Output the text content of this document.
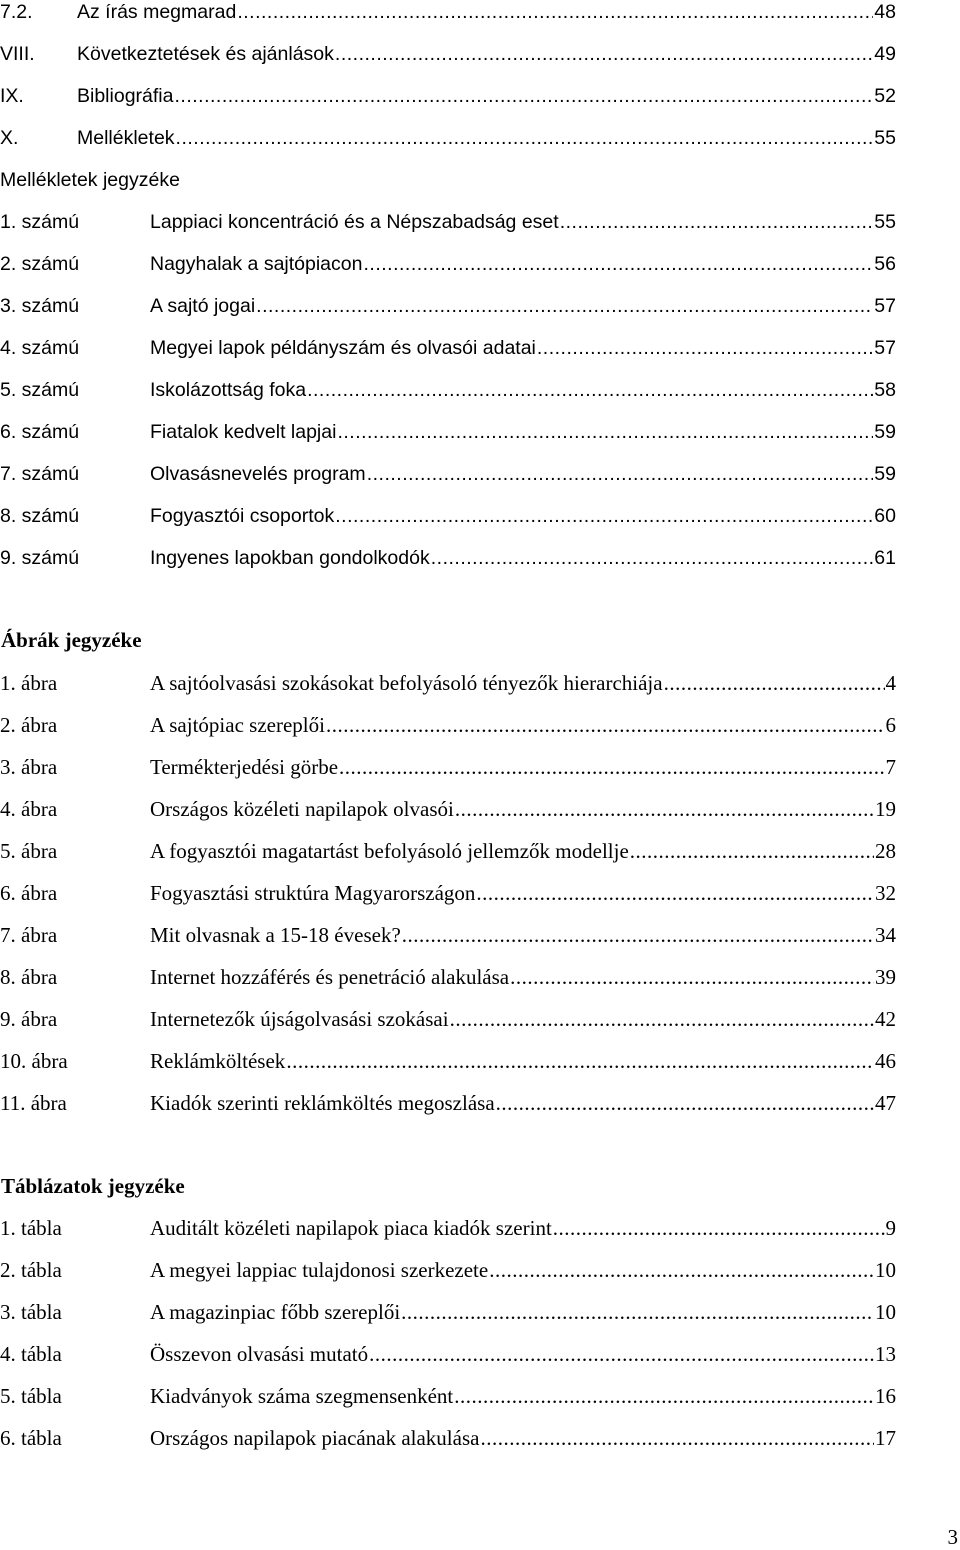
7.2.	Az írás megmarad .....	48
VIII.	Következtetések és ajánlások .....	49
IX.	Bibliográfia .....	52
X.	Mellékletek .....	55
Mellékletek jegyzéke
1. számú	Lappiaci koncentráció és a Népszabadság eset .....	55
2. számú	Nagyhalak a sajtópiacon .....	56
3. számú	A sajtó jogai .....	57
4. számú	Megyei lapok példányszám és olvasói adatai .....	57
5. számú	Iskolázottság foka .....	58
6. számú	Fiatalok kedvelt lapjai .....	59
7. számú	Olvasásnevelés program .....	59
8. számú	Fogyasztói csoportok .....	60
9. számú	Ingyenes lapokban gondolkodók .....	61
Ábrák jegyzéke
1. ábra	A sajtóolvasási szokásokat befolyásoló tényezők hierarchiája .....	4
2. ábra	A sajtópiac szereplői .....	6
3. ábra	Termékterjedési görbe .....	7
4. ábra	Országos közéleti napilapok olvasói .....	19
5. ábra	A fogyasztói magatartást befolyásoló jellemzők modellje .....	28
6. ábra	Fogyasztási struktúra Magyarországon .....	32
7. ábra	Mit olvasnak a 15-18 évesek? .....	34
8. ábra	Internet hozzáférés és penetráció alakulása .....	39
9. ábra	Internetezők újságolvasási szokásai .....	42
10. ábra	Reklámköltések .....	46
11. ábra	Kiadók szerinti reklámköltés megoszlása .....	47
Táblázatok jegyzéke
1. tábla	Auditált közéleti napilapok piaca kiadók szerint .....	9
2. tábla	A megyei lappiac tulajdonosi szerkezete .....	10
3. tábla	A magazinpiac főbb szereplői .....	10
4. tábla	Összevon olvasási mutató .....	13
5. tábla	Kiadványok száma szegmensenként .....	16
6. tábla	Országos napilapok piacának alakulása .....	17
3
